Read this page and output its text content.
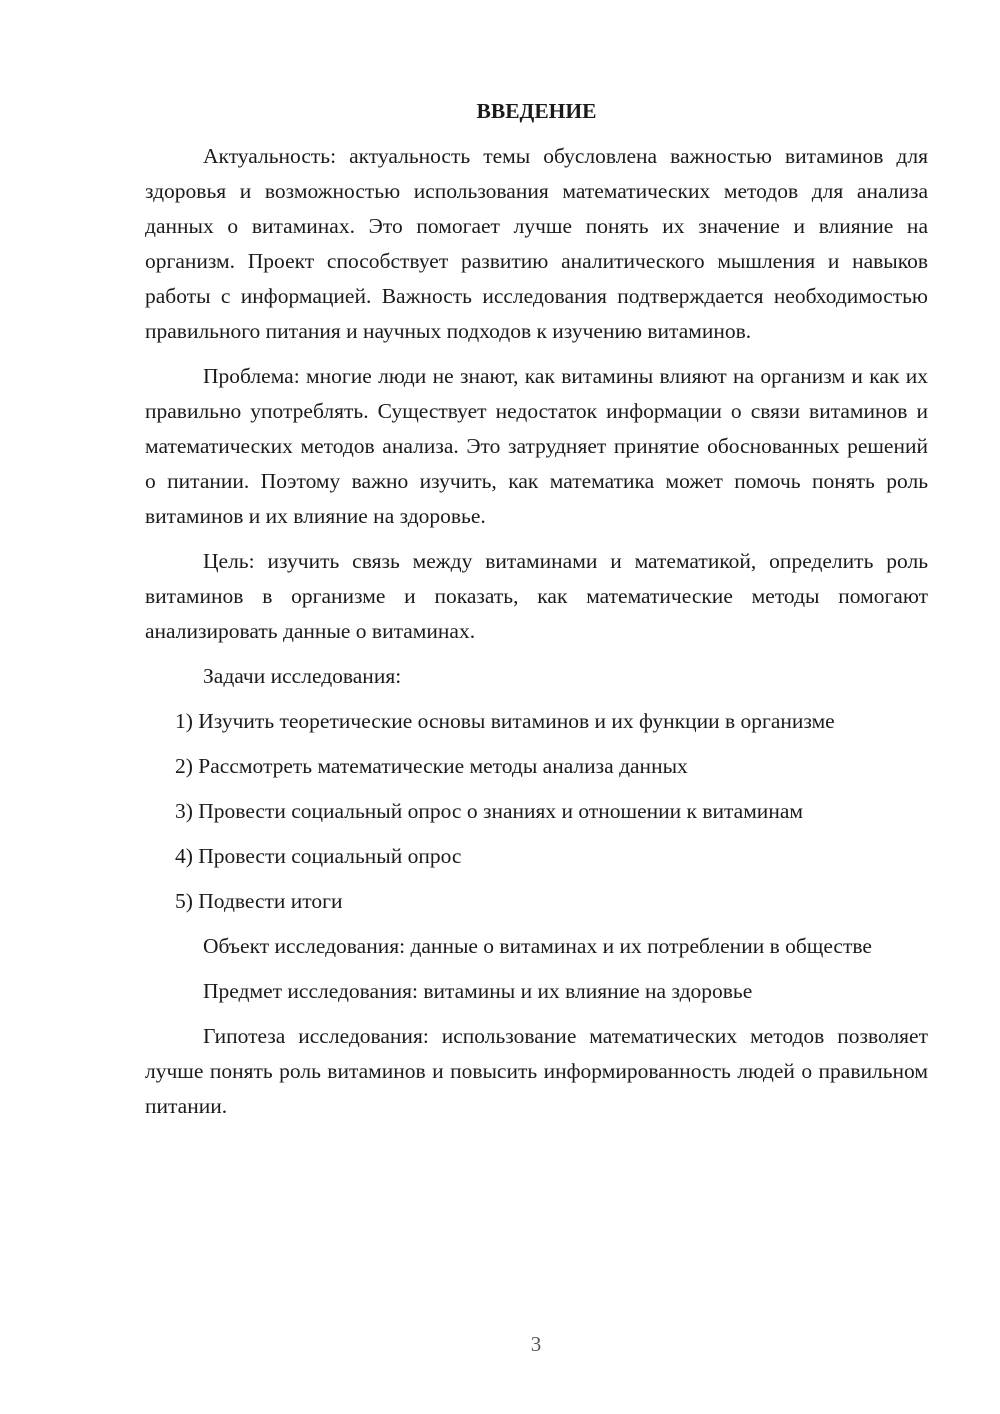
ВВЕДЕНИЕ

Актуальность: актуальность темы обусловлена важностью витаминов для здоровья и возможностью использования математических методов для анализа данных о витаминах. Это помогает лучше понять их значение и влияние на организм. Проект способствует развитию аналитического мышления и навыков работы с информацией. Важность исследования подтверждается необходимостью правильного питания и научных подходов к изучению витаминов.

Проблема: многие люди не знают, как витамины влияют на организм и как их правильно употреблять. Существует недостаток информации о связи витаминов и математических методов анализа. Это затрудняет принятие обоснованных решений о питании. Поэтому важно изучить, как математика может помочь понять роль витаминов и их влияние на здоровье.

Цель: изучить связь между витаминами и математикой, определить роль витаминов в организме и показать, как математические методы помогают анализировать данные о витаминах.

Задачи исследования:

1) Изучить теоретические основы витаминов и их функции в организме

2) Рассмотреть математические методы анализа данных

3) Провести социальный опрос о знаниях и отношении к витаминам

4) Провести социальный опрос

5) Подвести итоги

Объект исследования: данные о витаминах и их потреблении в обществе

Предмет исследования: витамины и их влияние на здоровье

Гипотеза исследования: использование математических методов позволяет лучше понять роль витаминов и повысить информированность людей о правильном питании.

3
